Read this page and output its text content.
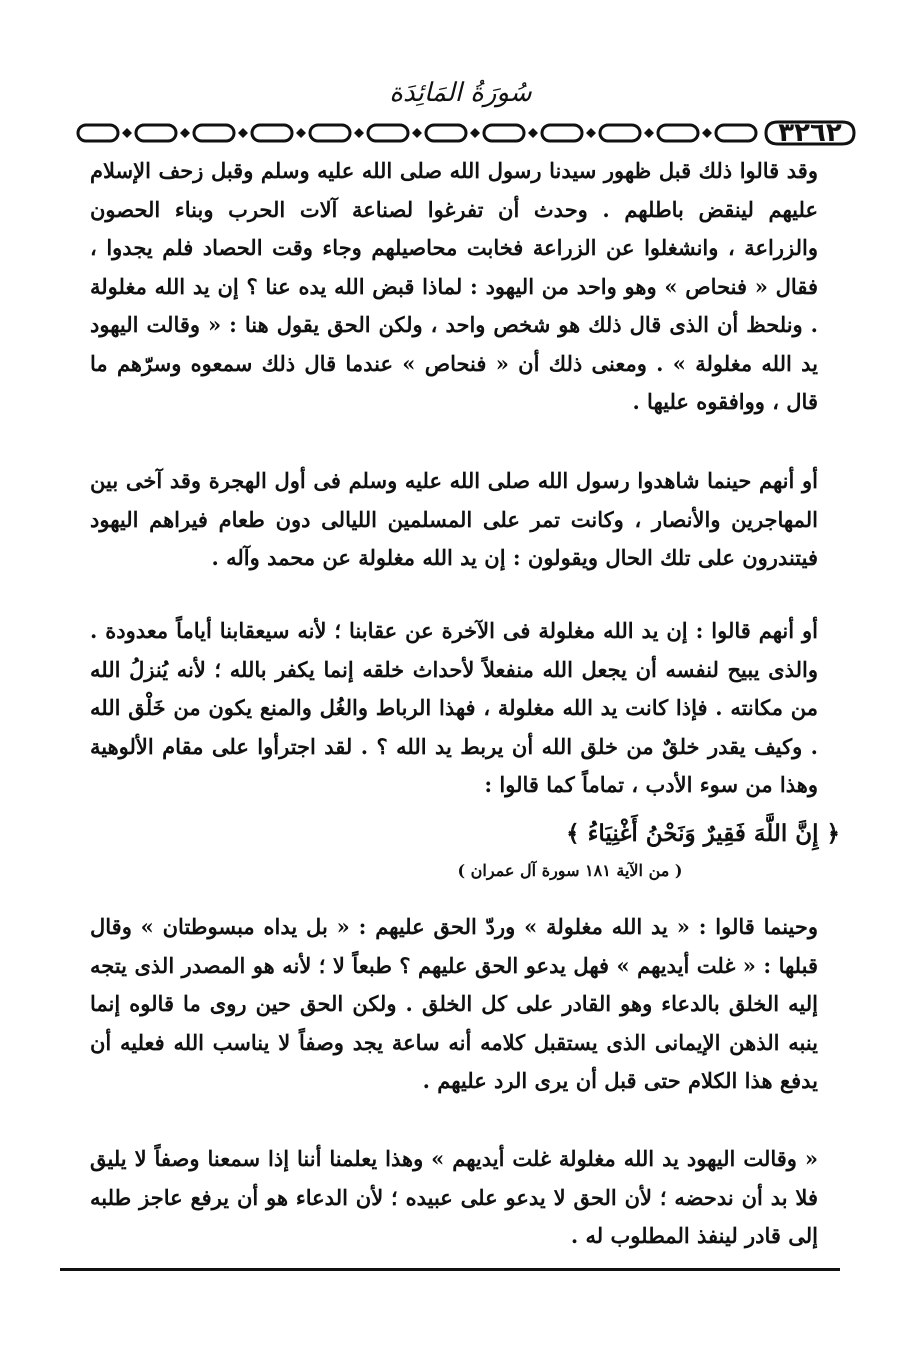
سُورَةُ المَائِدَة
٣٢٦٢
وقد قالوا ذلك قبل ظهور سيدنا رسول الله صلى الله عليه وسلم وقبل زحف الإسلام عليهم لينقض باطلهم . وحدث أن تفرغوا لصناعة آلات الحرب وبناء الحصون والزراعة ، وانشغلوا عن الزراعة فخابت محاصيلهم وجاء وقت الحصاد فلم يجدوا ، فقال « فنحاص » وهو واحد من اليهود : لماذا قبض الله يده عنا ؟ إن يد الله مغلولة . ونلحظ أن الذى قال ذلك هو شخص واحد ، ولكن الحق يقول هنا : « وقالت اليهود يد الله مغلولة » . ومعنى ذلك أن « فنحاص » عندما قال ذلك سمعوه وسرّهم ما قال ، ووافقوه عليها .
أو أنهم حينما شاهدوا رسول الله صلى الله عليه وسلم فى أول الهجرة وقد آخى بين المهاجرين والأنصار ، وكانت تمر على المسلمين الليالى دون طعام فيراهم اليهود فيتندرون على تلك الحال ويقولون : إن يد الله مغلولة عن محمد وآله .
أو أنهم قالوا : إن يد الله مغلولة فى الآخرة عن عقابنا ؛ لأنه سيعقابنا أياماً معدودة . والذى يبيح لنفسه أن يجعل الله منفعلاً لأحداث خلقه إنما يكفر بالله ؛ لأنه يُنزلُ الله من مكانته . فإذا كانت يد الله مغلولة ، فهذا الرباط والغُل والمنع يكون من خَلْق الله . وكيف يقدر خلقٌ من خلق الله أن يربط يد الله ؟ . لقد اجترأوا على مقام الألوهية وهذا من سوء الأدب ، تماماً كما قالوا :
﴿ إِنَّ اللَّهَ فَقِيرٌ وَنَحْنُ أَغْنِيَاءُ ﴾
( من الآية ١٨١ سورة آل عمران )
وحينما قالوا : « يد الله مغلولة » وردّ الحق عليهم : « بل يداه مبسوطتان » وقال قبلها : « غلت أيديهم » فهل يدعو الحق عليهم ؟ طبعاً لا ؛ لأنه هو المصدر الذى يتجه إليه الخلق بالدعاء وهو القادر على كل الخلق . ولكن الحق حين روى ما قالوه إنما ينبه الذهن الإيمانى الذى يستقبل كلامه أنه ساعة يجد وصفاً لا يناسب الله فعليه أن يدفع هذا الكلام حتى قبل أن يرى الرد عليهم .
« وقالت اليهود يد الله مغلولة غلت أيديهم » وهذا يعلمنا أننا إذا سمعنا وصفاً لا يليق فلا بد أن ندحضه ؛ لأن الحق لا يدعو على عبيده ؛ لأن الدعاء هو أن يرفع عاجز طلبه إلى قادر لينفذ المطلوب له .
